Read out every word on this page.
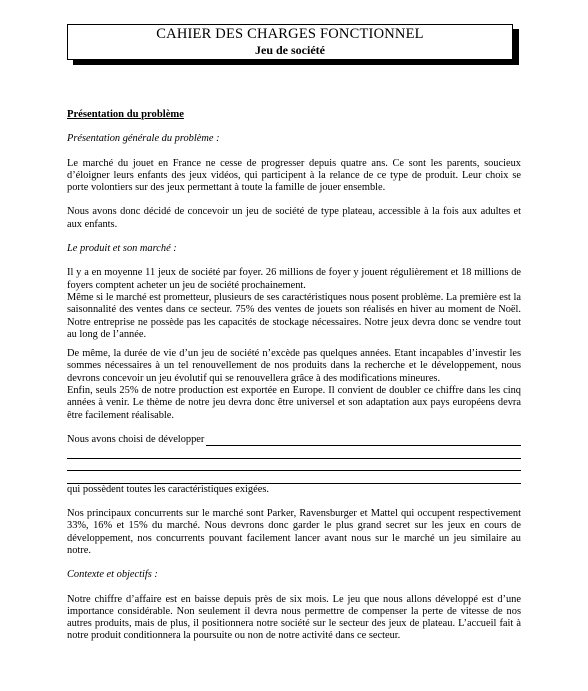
CAHIER DES CHARGES FONCTIONNEL
Jeu de société

Présentation du problème

Présentation générale du problème :

Le marché du jouet en France ne cesse de progresser depuis quatre ans. Ce sont les parents, soucieux d’éloigner leurs enfants des jeux vidéos, qui participent à la relance de ce type de produit. Leur choix se porte volontiers sur des jeux permettant à toute la famille de jouer ensemble.

Nous avons donc décidé de concevoir un jeu de société de type plateau, accessible à la fois aux adultes et aux enfants.

Le produit et son marché :

Il y a en moyenne 11 jeux de société par foyer. 26 millions de foyer y jouent régulièrement et 18 millions de foyers comptent acheter un jeu de société prochainement.

Même si le marché est prometteur, plusieurs de ses caractéristiques nous posent problème. La première est la saisonnalité des ventes dans ce secteur. 75% des ventes de jouets son réalisés en hiver au moment de Noël. Notre entreprise ne possède pas les capacités de stockage nécessaires. Notre jeux devra donc se vendre tout au long de l’année.

De même, la durée de vie d’un jeu de société n’excède pas quelques années. Etant incapables d’investir les sommes nécessaires à un tel renouvellement de nos produits dans la recherche et le développement, nous devrons concevoir un jeu évolutif qui se renouvellera grâce à des modifications mineures.

Enfin, seuls 25% de notre production est exportée en Europe. Il convient de doubler ce chiffre dans les cinq années à venir. Le thème de notre jeu devra donc être universel et son adaptation aux pays européens devra être facilement réalisable.

Nous avons choisi de développer

qui possèdent toutes les caractéristiques exigées.

Nos principaux concurrents sur le marché sont Parker, Ravensburger et Mattel qui occupent respectivement 33%, 16% et 15% du marché. Nous devrons donc garder le plus grand secret sur les jeux en cours de développement, nos concurrents pouvant facilement lancer avant nous sur le marché un jeu similaire au notre.

Contexte et objectifs :

Notre chiffre d’affaire est en baisse depuis près de six mois. Le jeu que nous allons développé est d’une importance considérable. Non seulement il devra nous permettre de compenser la perte de vitesse de nos autres produits, mais de plus, il positionnera notre société sur le secteur des jeux de plateau. L’accueil fait à notre produit conditionnera la poursuite ou non de notre activité dans ce secteur.
